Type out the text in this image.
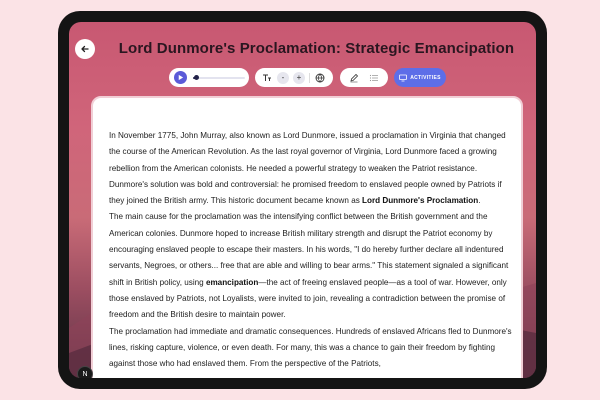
Lord Dunmore's Proclamation: Strategic Emancipation
-	+	ACTIVITIES

In November 1775, John Murray, also known as Lord Dunmore, issued a proclamation in Virginia that changed the course of the American Revolution. As the last royal governor of Virginia, Lord Dunmore faced a growing rebellion from the American colonists. He needed a powerful strategy to weaken the Patriot resistance. Dunmore's solution was bold and controversial: he promised freedom to enslaved people owned by Patriots if they joined the British army. This historic document became known as Lord Dunmore's Proclamation.

The main cause for the proclamation was the intensifying conflict between the British government and the American colonies. Dunmore hoped to increase British military strength and disrupt the Patriot economy by encouraging enslaved people to escape their masters. In his words, "I do hereby further declare all indentured servants, Negroes, or others... free that are able and willing to bear arms." This statement signaled a significant shift in British policy, using emancipation—the act of freeing enslaved people—as a tool of war. However, only those enslaved by Patriots, not Loyalists, were invited to join, revealing a contradiction between the promise of freedom and the British desire to maintain power.

The proclamation had immediate and dramatic consequences. Hundreds of enslaved Africans fled to Dunmore's lines, risking capture, violence, or even death. For many, this was a chance to gain their freedom by fighting against those who had enslaved them. From the perspective of the Patriots,

N
